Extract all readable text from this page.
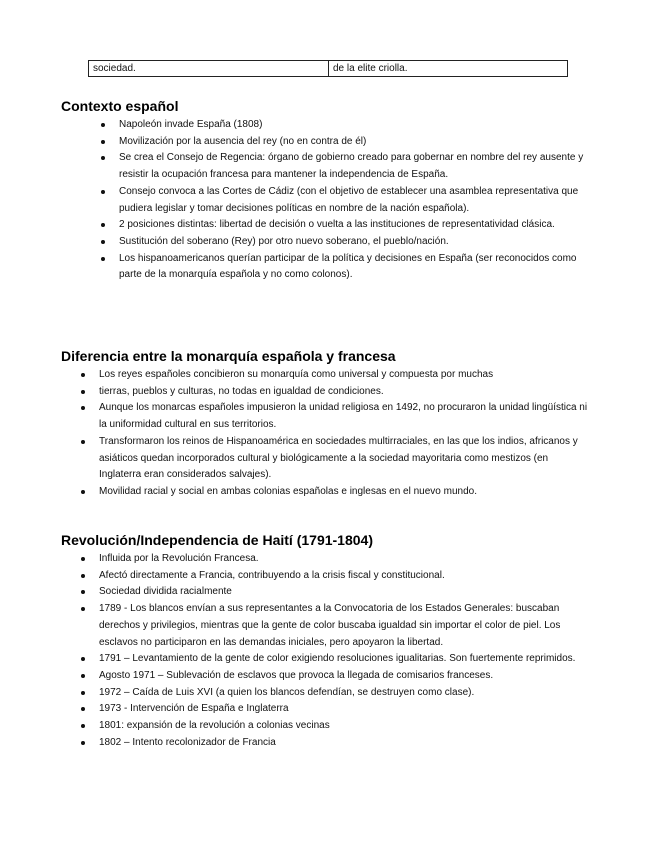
sociedad.	de la elite criolla.
Contexto español
Napoleón invade España (1808)
Movilización por la ausencia del rey (no en contra de él)
Se crea el Consejo de Regencia: órgano de gobierno creado para gobernar en nombre del rey ausente y resistir la ocupación francesa para mantener la independencia de España.
Consejo convoca a las Cortes de Cádiz (con el objetivo de establecer una asamblea representativa que pudiera legislar y tomar decisiones políticas en nombre de la nación española).
2 posiciones distintas: libertad de decisión o vuelta a las instituciones de representatividad clásica.
Sustitución del soberano (Rey) por otro nuevo soberano, el pueblo/nación.
Los hispanoamericanos querían participar de la política y decisiones en España (ser reconocidos como parte de la monarquía española y no como colonos).
Diferencia entre la monarquía española y francesa
Los reyes españoles concibieron su monarquía como universal y compuesta por muchas
tierras, pueblos y culturas, no todas en igualdad de condiciones.
Aunque los monarcas españoles impusieron la unidad religiosa en 1492, no procuraron la unidad lingüística ni la uniformidad cultural en sus territorios.
Transformaron los reinos de Hispanoamérica en sociedades multirraciales, en las que los indios, africanos y asiáticos quedan incorporados cultural y biológicamente a la sociedad mayoritaria como mestizos (en Inglaterra eran considerados salvajes).
Movilidad racial y social en ambas colonias españolas e inglesas en el nuevo mundo.
Revolución/Independencia de Haití (1791-1804)
Influida por la Revolución Francesa.
Afectó directamente a Francia, contribuyendo a la crisis fiscal y constitucional.
Sociedad dividida racialmente
1789 - Los blancos envían a sus representantes a la Convocatoria de los Estados Generales: buscaban derechos y privilegios, mientras que la gente de color buscaba igualdad sin importar el color de piel. Los esclavos no participaron en las demandas iniciales, pero apoyaron la libertad.
1791 – Levantamiento de la gente de color exigiendo resoluciones igualitarias. Son fuertemente reprimidos.
Agosto 1971 – Sublevación de esclavos que provoca la llegada de comisarios franceses.
1972 – Caída de Luis XVI (a quien los blancos defendían, se destruyen como clase).
1973 - Intervención de España e Inglaterra
1801: expansión de la revolución a colonias vecinas
1802 – Intento recolonizador de Francia
